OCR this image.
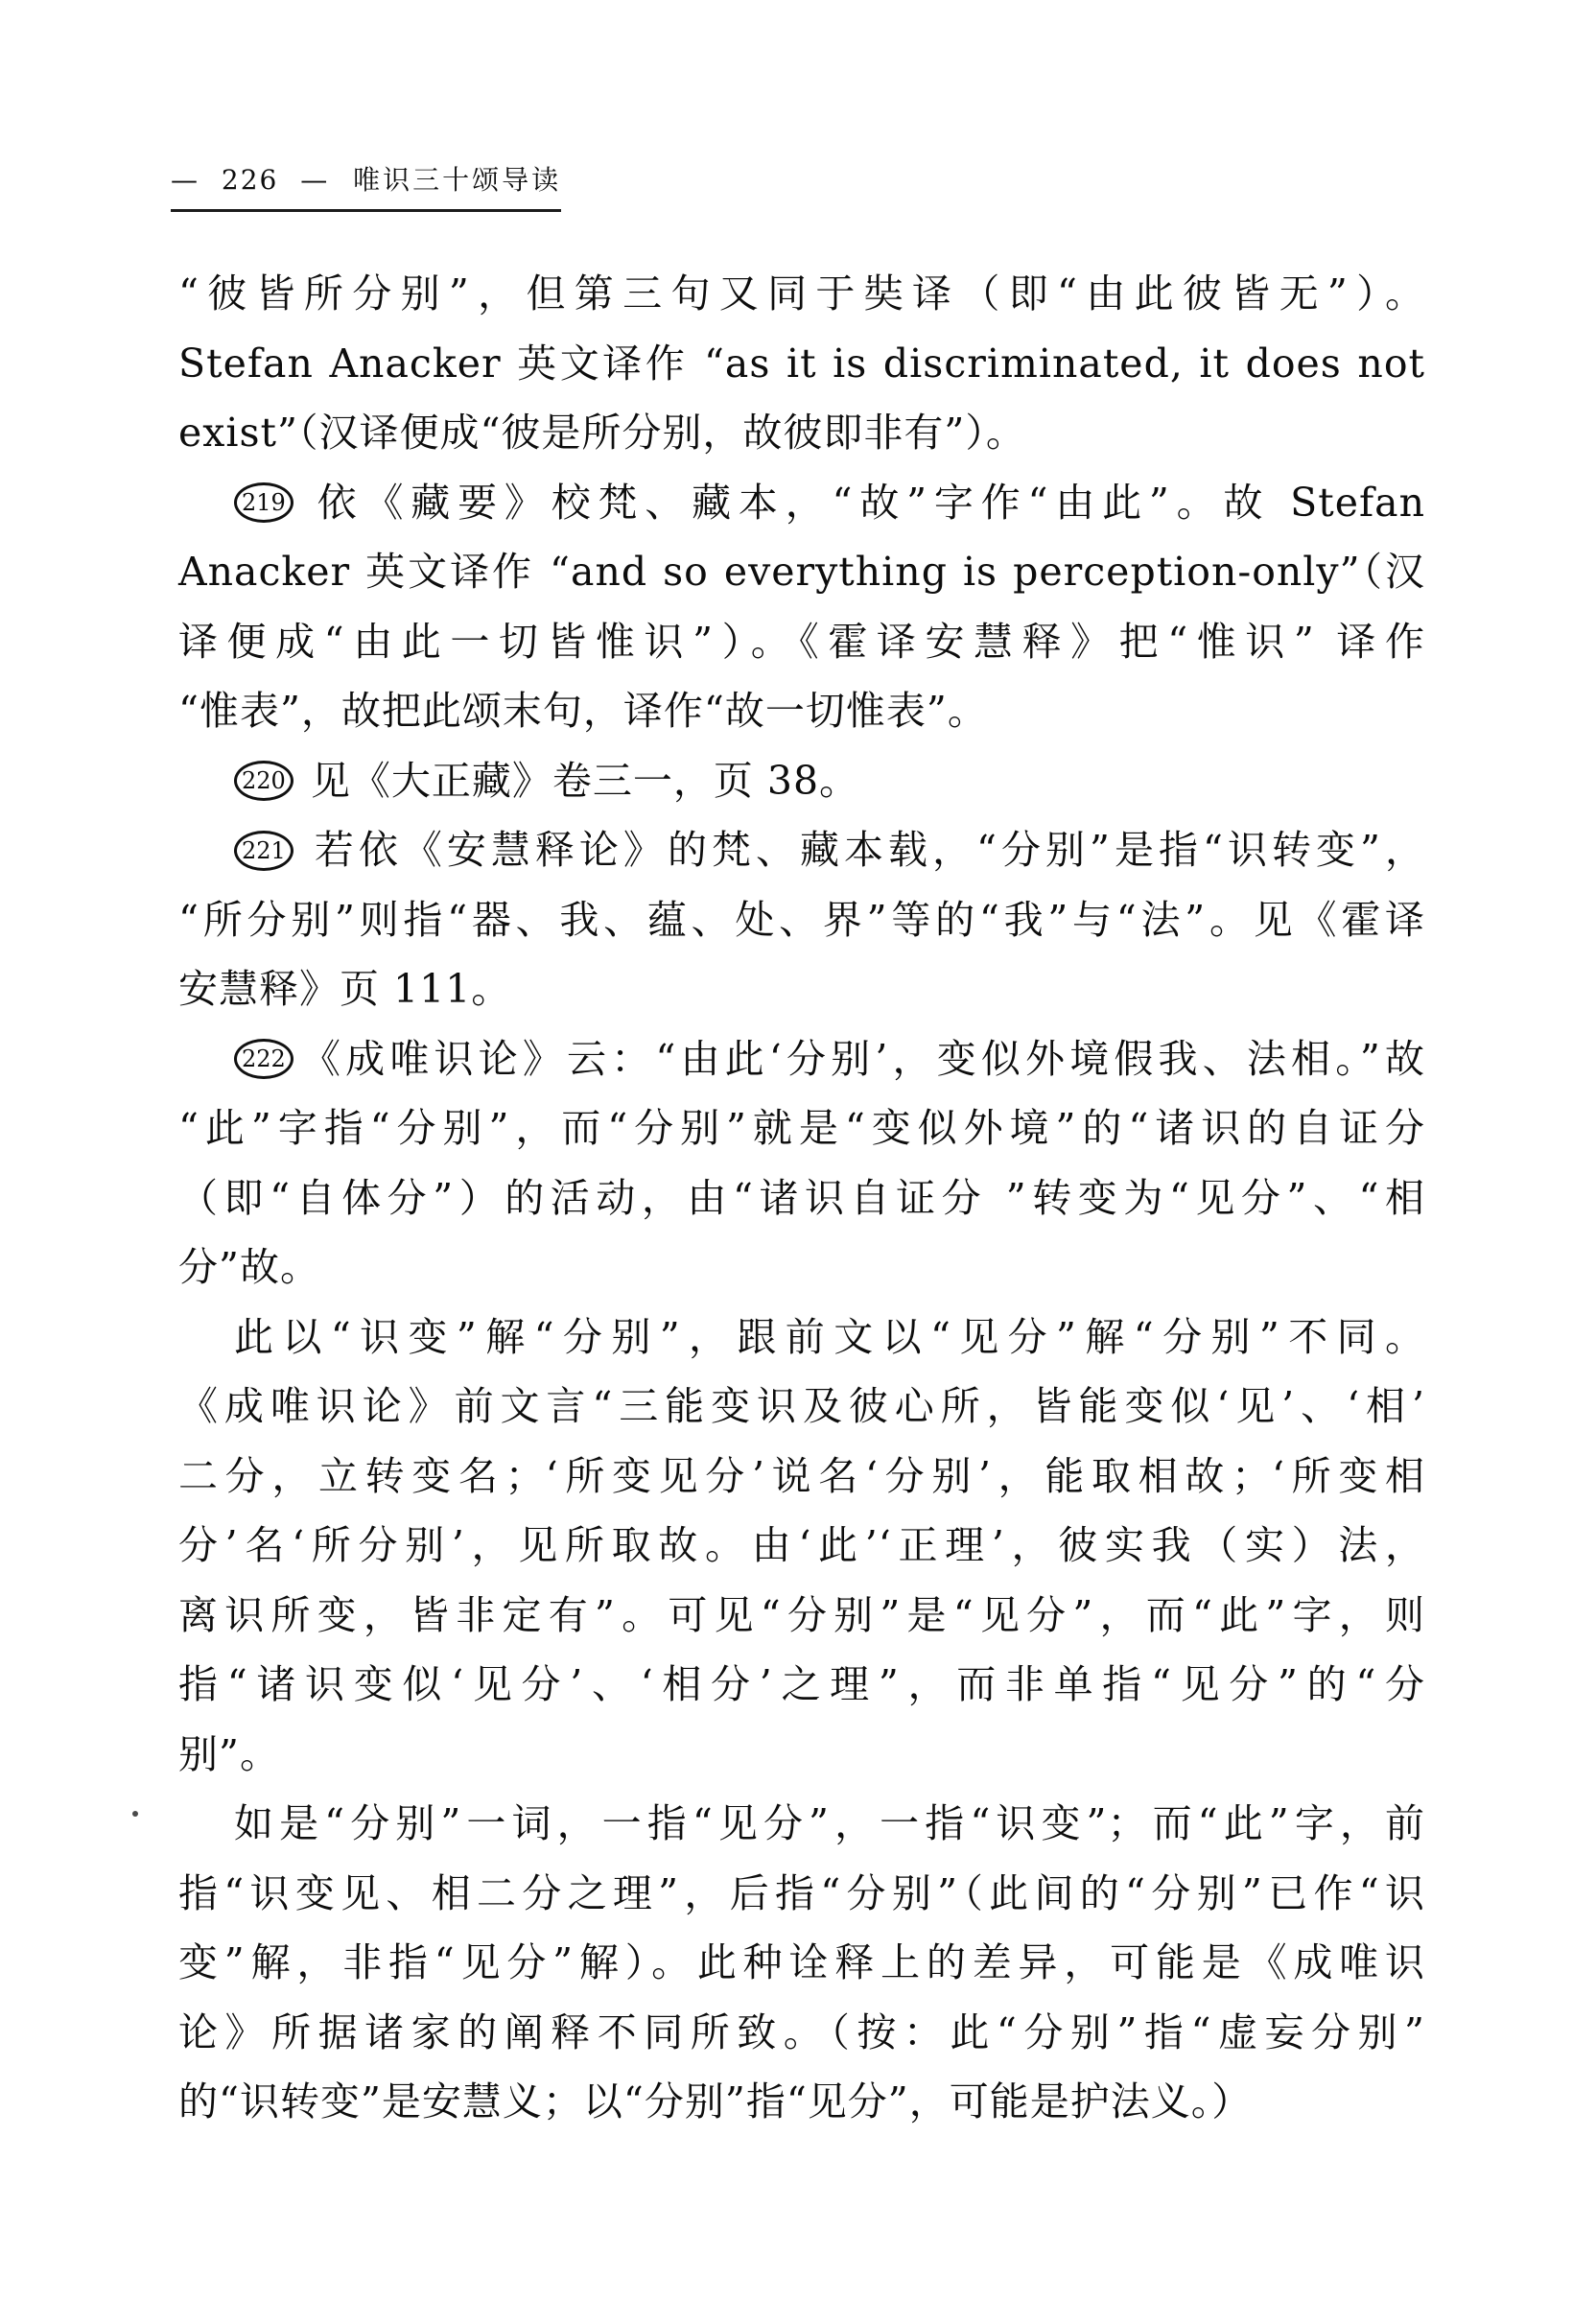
— 226 — 唯识三十颂导读
“彼皆所分别”，但第三句又同于奘译（即“由此彼皆无”）。
Stefan Anacker 英文译作 “as it is discriminated, it does not
exist”（汉译便成“彼是所分别，故彼即非有”）。
219 依《藏要》校梵、藏本，“故”字作“由此”。故 Stefan
Anacker 英文译作 “and so everything is perception-only”（汉
译便成“由此一切皆惟识”）。《霍译安慧释》把“惟识” 译作
“惟表”，故把此颂末句，译作“故一切惟表”。
220 见《大正藏》卷三一，页 38。
221 若依《安慧释论》的梵、藏本载，“分别”是指“识转变”，
“所分别”则指“器、我、蕴、处、界”等的“我”与“法”。见《霍译
安慧释》页 111。
222 《成唯识论》云：“由此‘分别’，变似外境假我、法相。”故
“此”字指“分别”，而“分别”就是“变似外境”的“诸识的自证分
（即“自体分”）的活动，由“诸识自证分 ”转变为“见分”、“相
分”故。
此以“识变”解“分别”，跟前文以“见分”解“分别”不同。
《成唯识论》前文言“三能变识及彼心所，皆能变似‘见’、‘相’
二分，立转变名；‘所变见分’说名‘分别’，能取相故；‘所变相
分’名‘所分别’，见所取故。由‘此’‘正理’，彼实我（实）法，
离识所变，皆非定有”。可见“分别”是“见分”，而“此”字，则
指“诸识变似‘见分’、‘相分’之理”，而非单指“见分”的“分
别”。
如是“分别”一词，一指“见分”，一指“识变”；而“此”字，前
指“识变见、相二分之理”，后指“分别”（此间的“分别”已作“识
变”解，非指“见分”解）。此种诠释上的差异，可能是《成唯识
论》所据诸家的阐释不同所致。（按：此“分别”指“虚妄分别”
的“识转变”是安慧义；以“分别”指“见分”，可能是护法义。）
